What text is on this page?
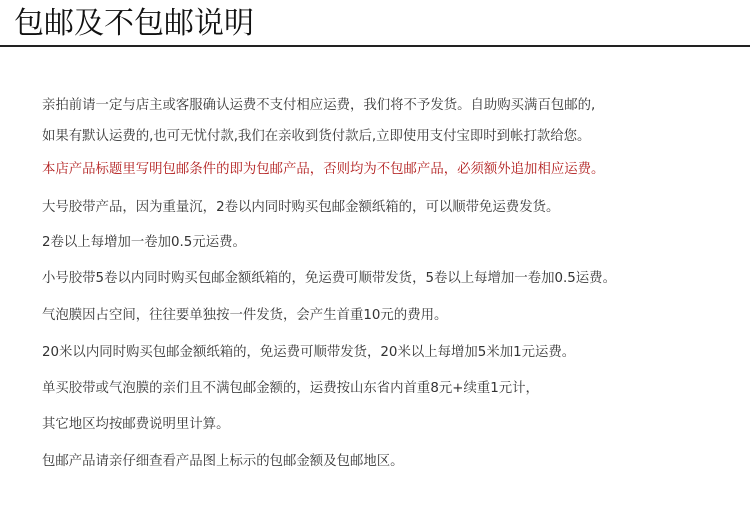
包邮及不包邮说明
亲拍前请一定与店主或客服确认运费不支付相应运费，我们将不予发货。自助购买满百包邮的,
如果有默认运费的,也可无忧付款,我们在亲收到货付款后,立即使用支付宝即时到帐打款给您。
本店产品标题里写明包邮条件的即为包邮产品，否则均为不包邮产品，必须额外追加相应运费。
大号胶带产品，因为重量沉，2卷以内同时购买包邮金额纸箱的，可以顺带免运费发货。
2卷以上每增加一卷加0.5元运费。
小号胶带5卷以内同时购买包邮金额纸箱的，免运费可顺带发货，5卷以上每增加一卷加0.5运费。
气泡膜因占空间，往往要单独按一件发货，会产生首重10元的费用。
20米以内同时购买包邮金额纸箱的，免运费可顺带发货，20米以上每增加5米加1元运费。
单买胶带或气泡膜的亲们且不满包邮金额的，运费按山东省内首重8元+续重1元计，
其它地区均按邮费说明里计算。
包邮产品请亲仔细查看产品图上标示的包邮金额及包邮地区。
